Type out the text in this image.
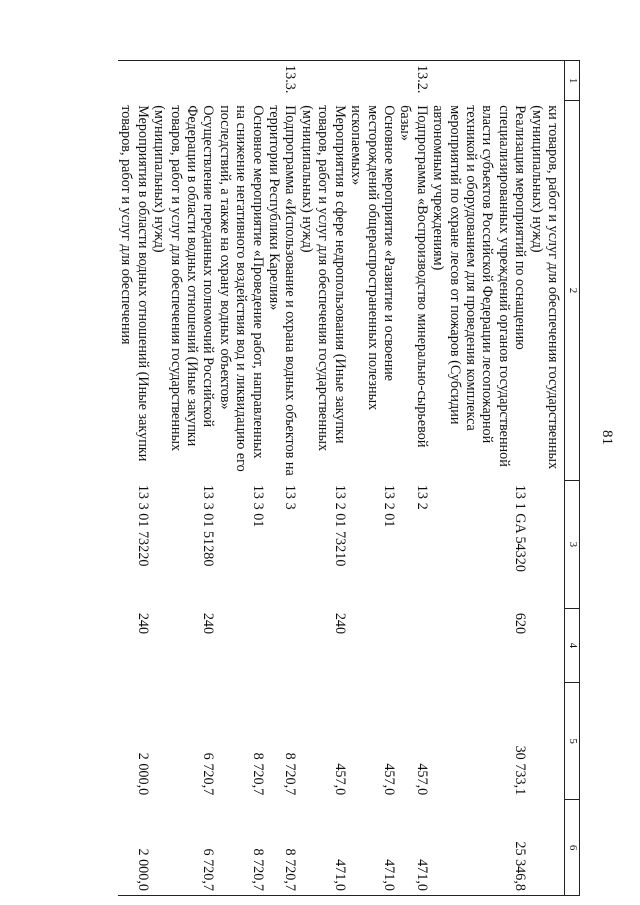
81
1	2	3	4	5	6
	ки товаров, работ и услуг для обеспечения государственных (муниципальных) нужд)				
	Реализация мероприятий по оснащению специализированных учреждений органов государственной власти субъектов Российской Федерации лесопожарной техникой и оборудованием для проведения комплекса мероприятий по охране лесов от пожаров (Субсидии автономным учреждениям)	13 1 GA 54320	620	30 733,1	25 346,8
13.2.	Подпрограмма «Воспроизводство минерально-сырьевой базы»	13 2		457,0	471,0
	Основное мероприятие «Развитие и освоение месторождений общераспространенных полезных ископаемых»	13 2 01		457,0	471,0
	Мероприятия в сфере недропользования (Иные закупки товаров, работ и услуг для обеспечения государственных (муниципальных) нужд)	13 2 01 73210	240	457,0	471,0
13.3.	Подпрограмма «Использование и охрана водных объектов на территории Республики Карелия»	13 3		8 720,7	8 720,7
	Основное мероприятие «Проведение работ, направленных на снижение негативного воздействия вод и ликвидацию его последствий, а также на охрану водных объектов»	13 3 01		8 720,7	8 720,7
	Осуществление переданных полномочий Российской Федерации в области водных отношений (Иные закупки товаров, работ и услуг для обеспечения государственных (муниципальных) нужд)	13 3 01 51280	240	6 720,7	6 720,7
	Мероприятия в области водных отношений (Иные закупки товаров, работ и услуг для обеспечения	13 3 01 73220	240	2 000,0	2 000,0
